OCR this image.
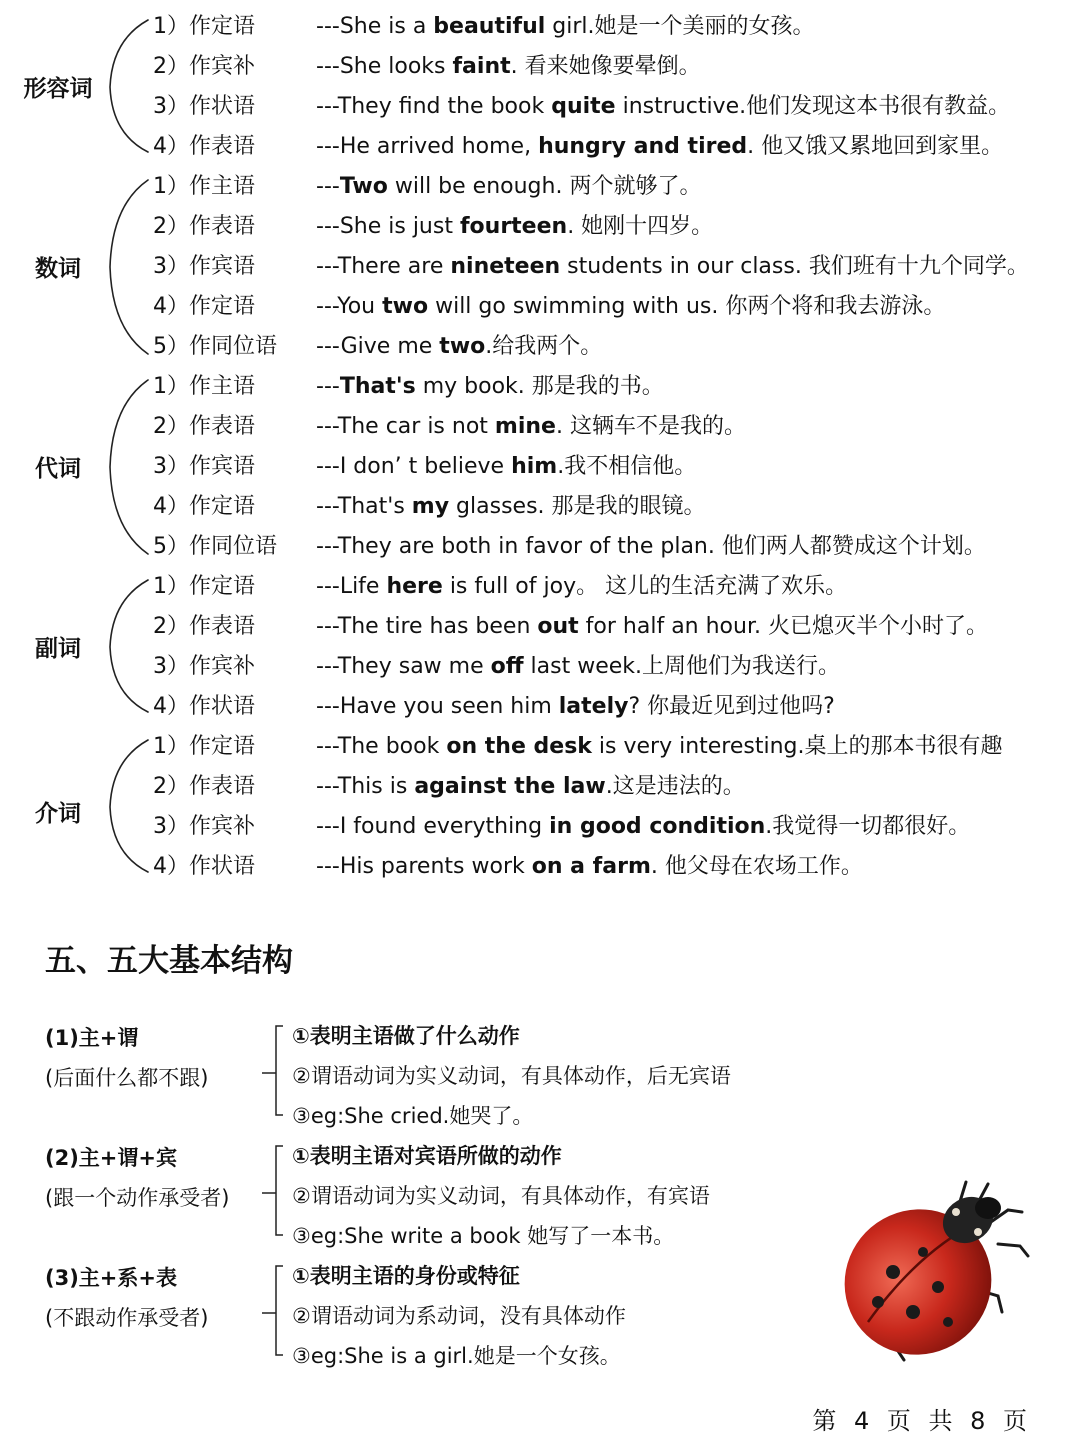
形容词
1）作定语	---She is a beautiful girl.她是一个美丽的女孩。
2）作宾补	---She looks faint. 看来她像要晕倒。
3）作状语	---They find the book quite instructive.他们发现这本书很有教益。
4）作表语	---He arrived home, hungry and tired. 他又饿又累地回到家里。
数词
1）作主语	---Two will be enough. 两个就够了。
2）作表语	---She is just fourteen. 她刚十四岁。
3）作宾语	---There are nineteen students in our class. 我们班有十九个同学。
4）作定语	---You two will go swimming with us. 你两个将和我去游泳。
5）作同位语 ---Give me two.给我两个。
代词
1）作主语	---That's my book. 那是我的书。
2）作表语	---The car is not mine. 这辆车不是我的。
3）作宾语	---I don’ t believe him.我不相信他。
4）作定语	---That's my glasses. 那是我的眼镜。
5）作同位语 ---They are both in favor of the plan. 他们两人都赞成这个计划。
副词
1）作定语	---Life here is full of joy。 这儿的生活充满了欢乐。
2）作表语	---The tire has been out for half an hour. 火已熄灭半个小时了。
3）作宾补	---They saw me off last week.上周他们为我送行。
4）作状语	---Have you seen him lately? 你最近见到过他吗?
介词
1）作定语	---The book on the desk is very interesting.桌上的那本书很有趣
2）作表语	---This is against the law.这是违法的。
3）作宾补	---I found everything in good condition.我觉得一切都很好。
4）作状语	---His parents work on a farm. 他父母在农场工作。
五、五大基本结构
(1)主+谓
(后面什么都不跟)
①表明主语做了什么动作
②谓语动词为实义动词，有具体动作，后无宾语
③eg:She cried.她哭了。
(2)主+谓+宾
(跟一个动作承受者)
①表明主语对宾语所做的动作
②谓语动词为实义动词，有具体动作，有宾语
③eg:She write a book 她写了一本书。
(3)主+系+表
(不跟动作承受者)
①表明主语的身份或特征
②谓语动词为系动词，没有具体动作
③eg:She is a girl.她是一个女孩。
第 4 页 共 8 页
